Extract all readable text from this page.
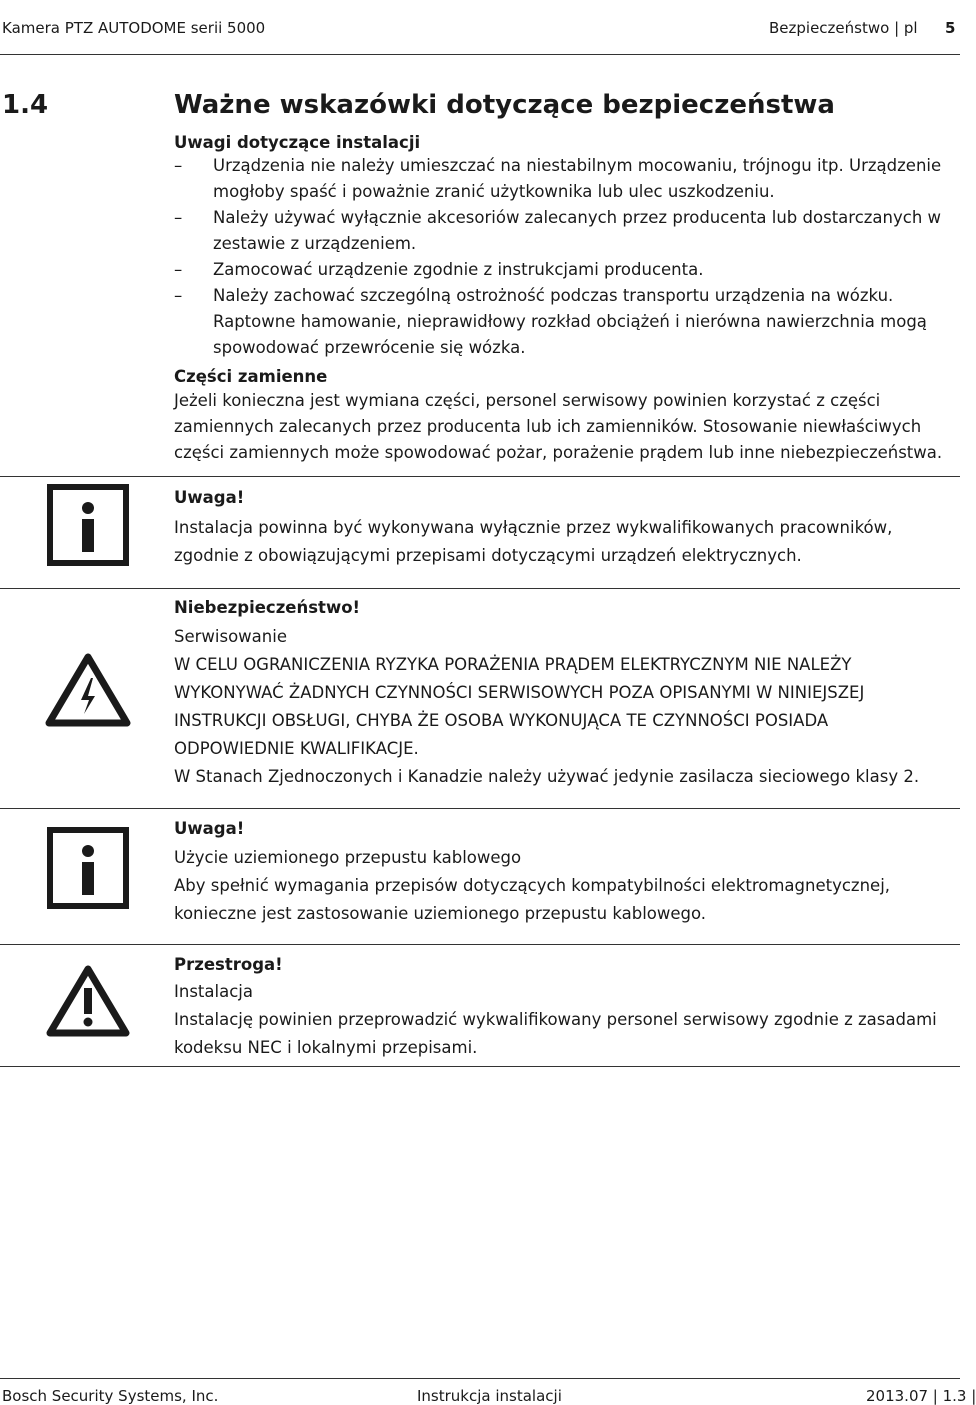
Kamera PTZ AUTODOME serii 5000	Bezpieczeństwo | pl 5
1.4	Ważne wskazówki dotyczące bezpieczeństwa
Uwagi dotyczące instalacji
– Urządzenia nie należy umieszczać na niestabilnym mocowaniu, trójnogu itp. Urządzenie
mogłoby spaść i poważnie zranić użytkownika lub ulec uszkodzeniu.
– Należy używać wyłącznie akcesoriów zalecanych przez producenta lub dostarczanych w
zestawie z urządzeniem.
– Zamocować urządzenie zgodnie z instrukcjami producenta.
– Należy zachować szczególną ostrożność podczas transportu urządzenia na wózku.
Raptowne hamowanie, nieprawidłowy rozkład obciążeń i nierówna nawierzchnia mogą
spowodować przewrócenie się wózka.
Części zamienne
Jeżeli konieczna jest wymiana części, personel serwisowy powinien korzystać z części
zamiennych zalecanych przez producenta lub ich zamienników. Stosowanie niewłaściwych
części zamiennych może spowodować pożar, porażenie prądem lub inne niebezpieczeństwa.
Uwaga!
Instalacja powinna być wykonywana wyłącznie przez wykwalifikowanych pracowników,
zgodnie z obowiązującymi przepisami dotyczącymi urządzeń elektrycznych.
Niebezpieczeństwo!
Serwisowanie
W CELU OGRANICZENIA RYZYKA PORAŻENIA PRĄDEM ELEKTRYCZNYM NIE NALEŻY
WYKONYWAĆ ŻADNYCH CZYNNOŚCI SERWISOWYCH POZA OPISANYMI W NINIEJSZEJ
INSTRUKCJI OBSŁUGI, CHYBA ŻE OSOBA WYKONUJĄCA TE CZYNNOŚCI POSIADA
ODPOWIEDNIE KWALIFIKACJE.
W Stanach Zjednoczonych i Kanadzie należy używać jedynie zasilacza sieciowego klasy 2.
Uwaga!
Użycie uziemionego przepustu kablowego
Aby spełnić wymagania przepisów dotyczących kompatybilności elektromagnetycznej,
konieczne jest zastosowanie uziemionego przepustu kablowego.
Przestroga!
Instalacja
Instalację powinien przeprowadzić wykwalifikowany personel serwisowy zgodnie z zasadami
kodeksu NEC i lokalnymi przepisami.
Bosch Security Systems, Inc.	Instrukcja instalacji	2013.07 | 1.3 |
